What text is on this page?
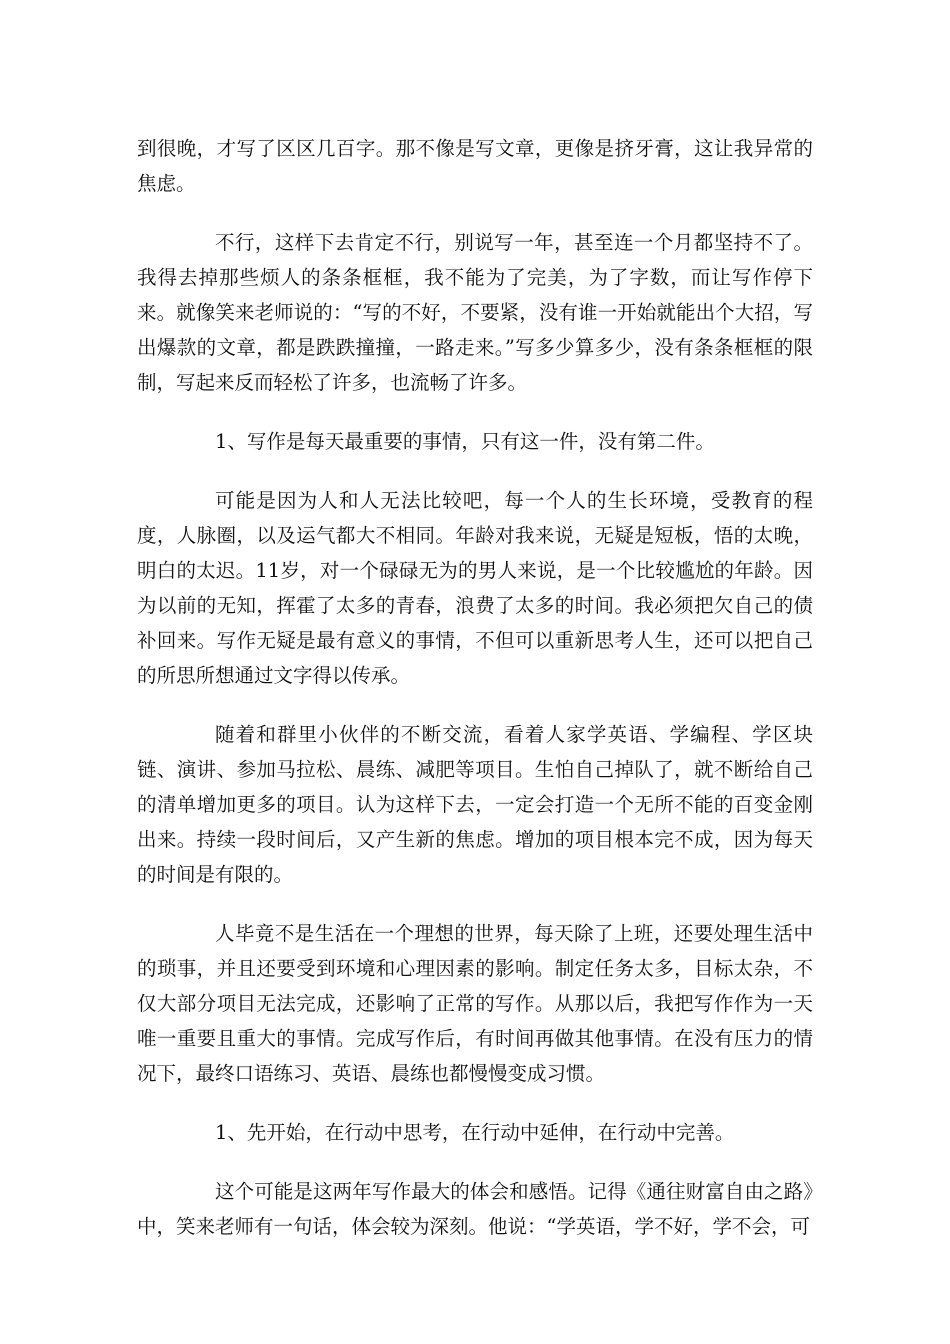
到很晚，才写了区区几百字。那不像是写文章，更像是挤牙膏，这让我异常的焦虑。

不行，这样下去肯定不行，别说写一年，甚至连一个月都坚持不了。我得去掉那些烦人的条条框框，我不能为了完美，为了字数，而让写作停下来。就像笑来老师说的：“写的不好，不要紧，没有谁一开始就能出个大招，写出爆款的文章，都是跌跌撞撞，一路走来。”写多少算多少，没有条条框框的限制，写起来反而轻松了许多，也流畅了许多。

1、写作是每天最重要的事情，只有这一件，没有第二件。

可能是因为人和人无法比较吧，每一个人的生长环境，受教育的程度，人脉圈，以及运气都大不相同。年龄对我来说，无疑是短板，悟的太晚，明白的太迟。11岁，对一个碌碌无为的男人来说，是一个比较尴尬的年龄。因为以前的无知，挥霍了太多的青春，浪费了太多的时间。我必须把欠自己的债补回来。写作无疑是最有意义的事情，不但可以重新思考人生，还可以把自己的所思所想通过文字得以传承。

随着和群里小伙伴的不断交流，看着人家学英语、学编程、学区块链、演讲、参加马拉松、晨练、减肥等项目。生怕自己掉队了，就不断给自己的清单增加更多的项目。认为这样下去，一定会打造一个无所不能的百变金刚出来。持续一段时间后，又产生新的焦虑。增加的项目根本完不成，因为每天的时间是有限的。

人毕竟不是生活在一个理想的世界，每天除了上班，还要处理生活中的琐事，并且还要受到环境和心理因素的影响。制定任务太多，目标太杂，不仅大部分项目无法完成，还影响了正常的写作。从那以后，我把写作作为一天唯一重要且重大的事情。完成写作后，有时间再做其他事情。在没有压力的情况下，最终口语练习、英语、晨练也都慢慢变成习惯。

1、先开始，在行动中思考，在行动中延伸，在行动中完善。

这个可能是这两年写作最大的体会和感悟。记得《通往财富自由之路》中，笑来老师有一句话，体会较为深刻。他说：“学英语，学不好，学不会，可
